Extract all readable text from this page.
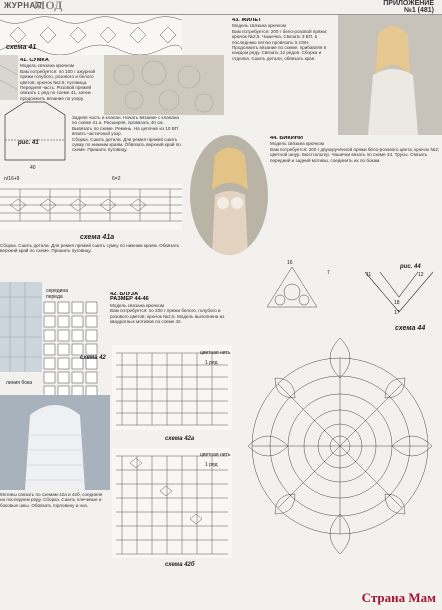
ЖУРНАЛ
МОД	ПРИЛОЖЕНИЕ
№1 (481)
схема 41
41. СУМКА
Модель связана крючком
Вам потребуется: по 100 г ажурной пряжи голубого, розового и белого цветов; крючок №2,5; пуговица. Передняя часть. Розовой пряжей связать 1 ряд по схеме 41, затем продолжить вязание по узору.
рис. 41
40
Задняя часть и клапан. Начать вязание с клапана по схеме 41 а. Расширяя, провязать 40 см. Вывязать по схеме. Ремень. На цепочке из 10 ВП вязать частичный узор.
Сборка. Сшить детали. Для ремня пряжей сшить сумку по нижним краям. Обвязать верхний край по схеме. Пришить пуговицу.
n/16+9	6=2
схема 41а
Сборка. Сшить детали. Для ремня пряжей сшить сумку по нижним краям. Обвязать верхний край по схеме. Пришить пуговицу.
43. ЖИЛЕТ
Модель связана крючком
Вам потребуется: 200 г бело-розовой пряжи; крючок №2,5. Чашечка. Связать 3 ВП, в последнюю петлю провязать 5 СБН. Продолжить вязание по схеме, прибавляя в каждом ряду. Связать 12 рядов. Сборка и отделка. Сшить детали, обвязать края.
44. БИКИНИ
Модель связана крючком
Вам потребуется: 200 г двухкручённой пряжи бело-розового цвета; крючок №2; цветной шнур. Бюстгальтер. Чашечки вязать по схеме 44. Трусы. Связать передний и задний мотивы, соединить их по бокам.
16
7
рис. 44
11	12
18
17
схема 44
середина переда
схема 42
линия бока
Мотивы связать по схемам 42а и 42б, соединяя на последнем ряду. Сборка. Сшить плечевые и боковые швы. Обвязать горловину и низ.
42. БЛУЗА
РАЗМЕР 44-46
Модель связана крючком
Вам потребуется: по 200 г пряжи белого, голубого и розового цветов; крючок №2,5. Модель выполнена из квадратных мотивов по схеме 42.
цветная нить
1 ряд
схема 42а
цветная нить
1 ряд
схема 42б
Страна Мам
